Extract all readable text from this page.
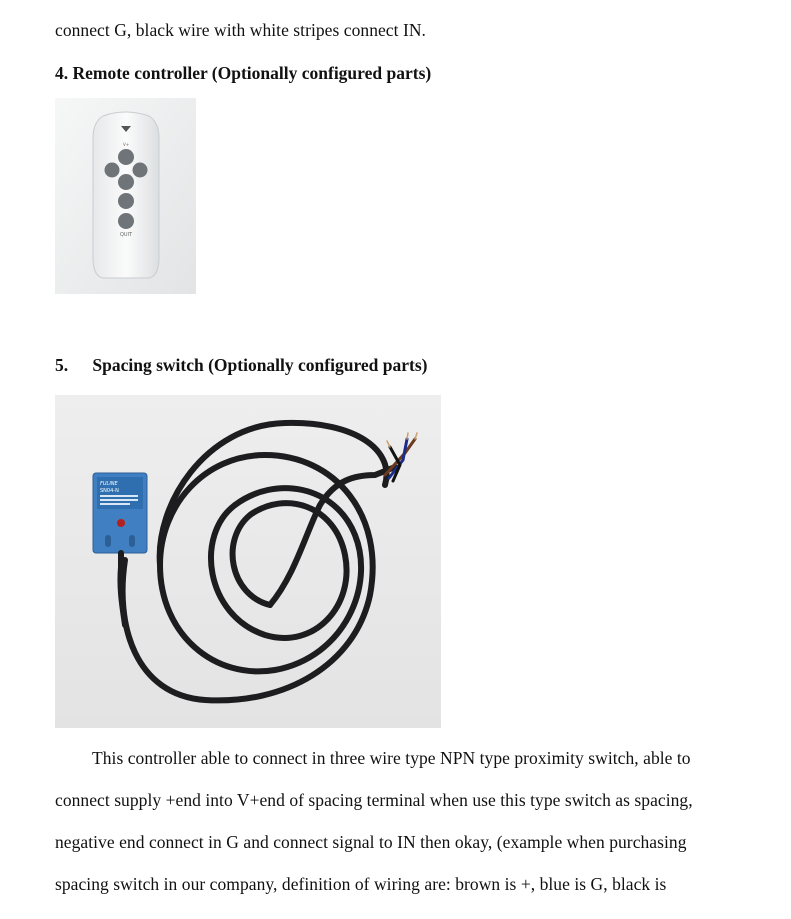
connect G, black wire with white stripes connect IN.
4. Remote controller (Optionally configured parts)
V+
QUIT
5. Spacing switch (Optionally configured parts)
FULINE
SN04-N
This controller able to connect in three wire type NPN type proximity switch, able to
connect supply +end into V+end of spacing terminal when use this type switch as spacing,
negative end connect in G and connect signal to IN then okay, (example when purchasing
spacing switch in our company, definition of wiring are: brown is +, blue is G, black is
